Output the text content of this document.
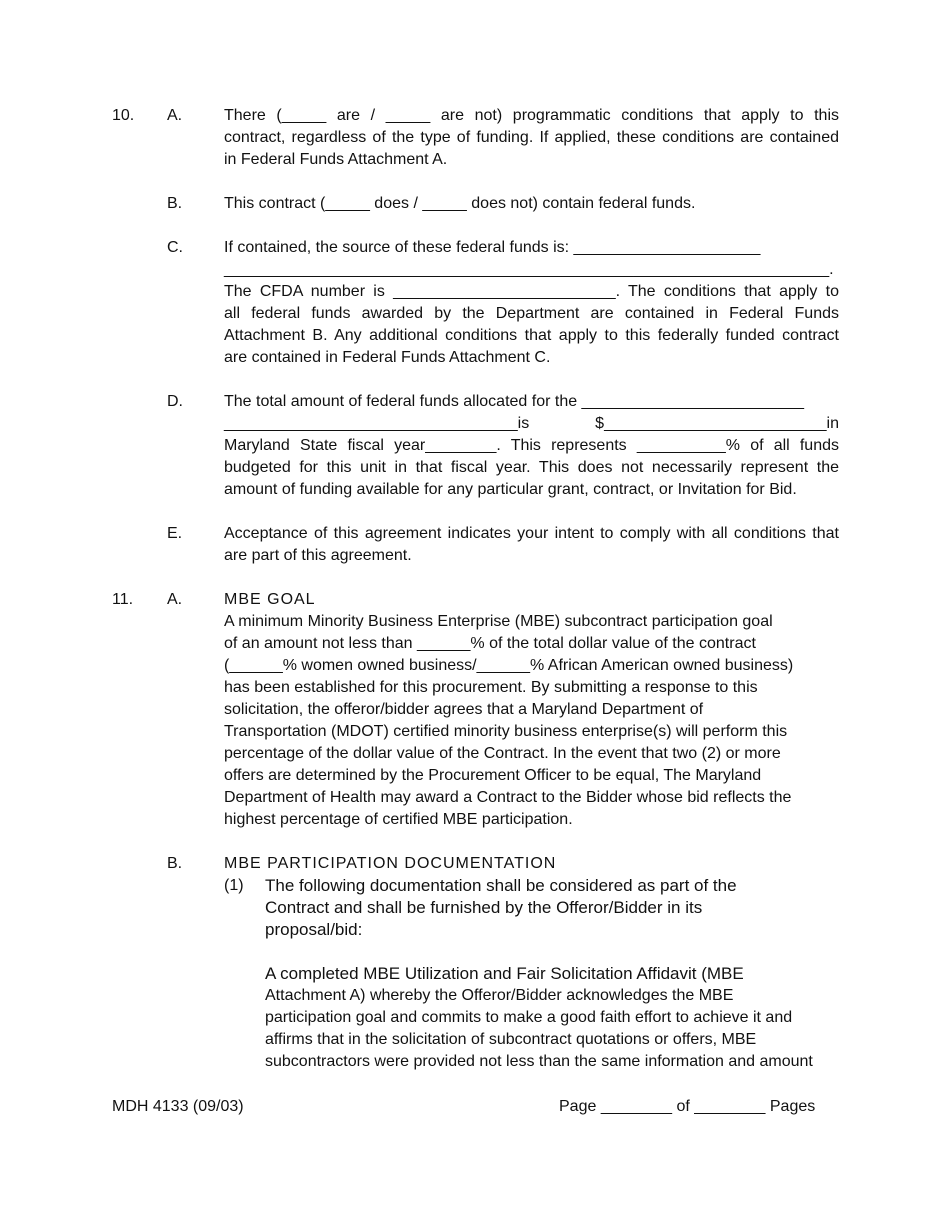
10. A.	There (_____ are / _____ are not) programmatic conditions that apply to this
contract, regardless of the type of funding. If applied, these conditions are contained
in Federal Funds Attachment A.
B.	This contract (_____ does / _____ does not) contain federal funds.
C.	If contained, the source of these federal funds is: _____________________
____________________________________________________________________.
The CFDA number is _________________________. The conditions that apply to
all federal funds awarded by the Department are contained in Federal Funds
Attachment B. Any additional conditions that apply to this federally funded contract
are contained in Federal Funds Attachment C.
D.	The total amount of federal funds allocated for the _________________________
_________________________________is $_________________________in
Maryland State fiscal year________. This represents __________% of all funds
budgeted for this unit in that fiscal year. This does not necessarily represent the
amount of funding available for any particular grant, contract, or Invitation for Bid.
E.	Acceptance of this agreement indicates your intent to comply with all conditions that
are part of this agreement.
11. A.	MBE GOAL
A minimum Minority Business Enterprise (MBE) subcontract participation goal
of an amount not less than ______% of the total dollar value of the contract
(______% women owned business/______% African American owned business)
has been established for this procurement. By submitting a response to this
solicitation, the offeror/bidder agrees that a Maryland Department of
Transportation (MDOT) certified minority business enterprise(s) will perform this
percentage of the dollar value of the Contract. In the event that two (2) or more
offers are determined by the Procurement Officer to be equal, The Maryland
Department of Health may award a Contract to the Bidder whose bid reflects the
highest percentage of certified MBE participation.
B.	MBE PARTICIPATION DOCUMENTATION
(1) The following documentation shall be considered as part of the
Contract and shall be furnished by the Offeror/Bidder in its
proposal/bid:
A completed MBE Utilization and Fair Solicitation Affidavit (MBE
Attachment A) whereby the Offeror/Bidder acknowledges the MBE
participation goal and commits to make a good faith effort to achieve it and
affirms that in the solicitation of subcontract quotations or offers, MBE
subcontractors were provided not less than the same information and amount
MDH 4133 (09/03)	Page ________ of ________ Pages
